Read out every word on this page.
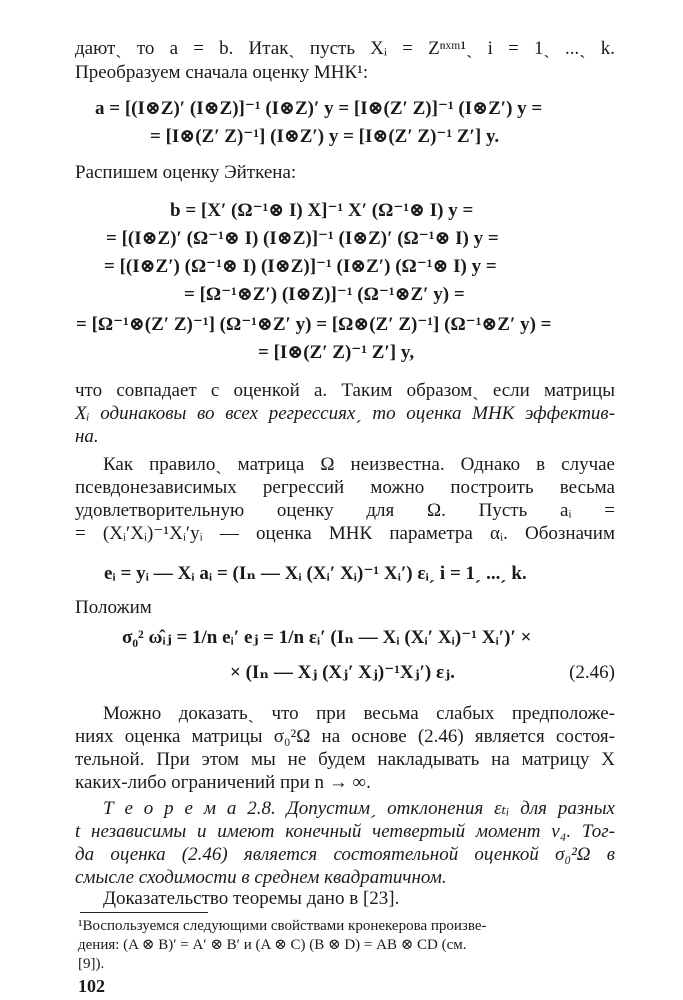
даютˏ то a = b. Итакˏ пусть Xᵢ = Zⁿˣᵐ¹ˏ i = 1ˏ ...ˏ k.
Преобразуем сначала оценку МНК¹:
a = [(I⊗Z)′ (I⊗Z)]⁻¹ (I⊗Z)′ y = [I⊗(Z′ Z)]⁻¹ (I⊗Z′) y =
= [I⊗(Z′ Z)⁻¹] (I⊗Z′) y = [I⊗(Z′ Z)⁻¹ Z′] y.
Распишем оценку Эйткена:
b = [X′ (Ω⁻¹⊗ I) X]⁻¹ X′ (Ω⁻¹⊗ I) y =
= [(I⊗Z)′ (Ω⁻¹⊗ I) (I⊗Z)]⁻¹ (I⊗Z)′ (Ω⁻¹⊗ I) y =
= [(I⊗Z′) (Ω⁻¹⊗ I) (I⊗Z)]⁻¹ (I⊗Z′) (Ω⁻¹⊗ I) y =
= [Ω⁻¹⊗Z′) (I⊗Z)]⁻¹ (Ω⁻¹⊗Z′ y) =
= [Ω⁻¹⊗(Z′ Z)⁻¹] (Ω⁻¹⊗Z′ y) = [Ω⊗(Z′ Z)⁻¹] (Ω⁻¹⊗Z′ y) =
= [I⊗(Z′ Z)⁻¹ Z′] y,
что совпадает с оценкой a. Таким образомˏ если матрицы
Xᵢ одинаковы во всех регрессияхˏ то оценка МНК эффектив-
на.
Как правилоˏ матрица Ω неизвестна. Однако в случае
псевдонезависимых регрессий можно построить весьма
удовлетворительную оценку для Ω. Пусть aᵢ =
= (Xᵢ′Xᵢ)⁻¹Xᵢ′yᵢ — оценка МНК параметра αᵢ. Обозначим
eᵢ = yᵢ — Xᵢ aᵢ = (Iₙ — Xᵢ (Xᵢ′ Xᵢ)⁻¹ Xᵢ′) εᵢˏ i = 1ˏ ...ˏ k.
Положим
σ₀² ω̂ᵢⱼ = 1/n eᵢ′ eⱼ = 1/n εᵢ′ (Iₙ — Xᵢ (Xᵢ′ Xᵢ)⁻¹ Xᵢ′)′ ×
× (Iₙ — Xⱼ (Xⱼ′ Xⱼ)⁻¹Xⱼ′) εⱼ.	(2.46)
Можно доказатьˏ что при весьма слабых предположе-
ниях оценка матрицы σ₀²Ω на основе (2.46) является состоя-
тельной. При этом мы не будем накладывать на матрицу X
каких-либо ограничений при n → ∞.
Т е о р е м а 2.8. Допустимˏ отклонения εₜᵢ для разных
t независимы и имеют конечный четвертый момент ν₄. Тог-
да оценка (2.46) является состоятельной оценкой σ₀²Ω в
смысле сходимости в среднем квадратичном.
Доказательство теоремы дано в [23].
¹Воспользуемся следующими свойствами кронекерова произве-
дения: (A ⊗ B)′ = A′ ⊗ B′ и (A ⊗ C) (B ⊗ D) = AB ⊗ CD (см.
[9]).
102
